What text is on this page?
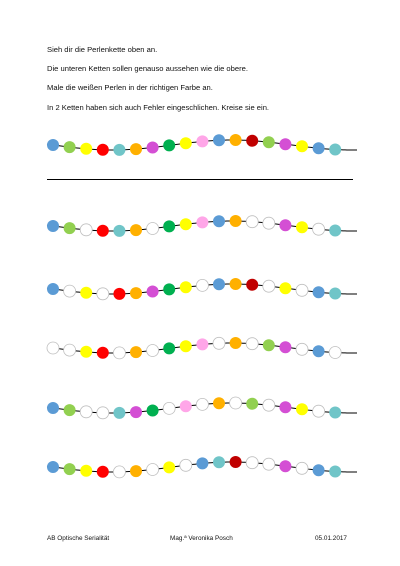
Sieh dir die Perlenkette oben an.

Die unteren Ketten sollen genauso aussehen wie die obere.

Male die weißen Perlen in der richtigen Farbe an.

In 2 Ketten haben sich auch Fehler eingeschlichen. Kreise sie ein.

AB Optische Serialität	Mag.ª Veronika Posch	05.01.2017
